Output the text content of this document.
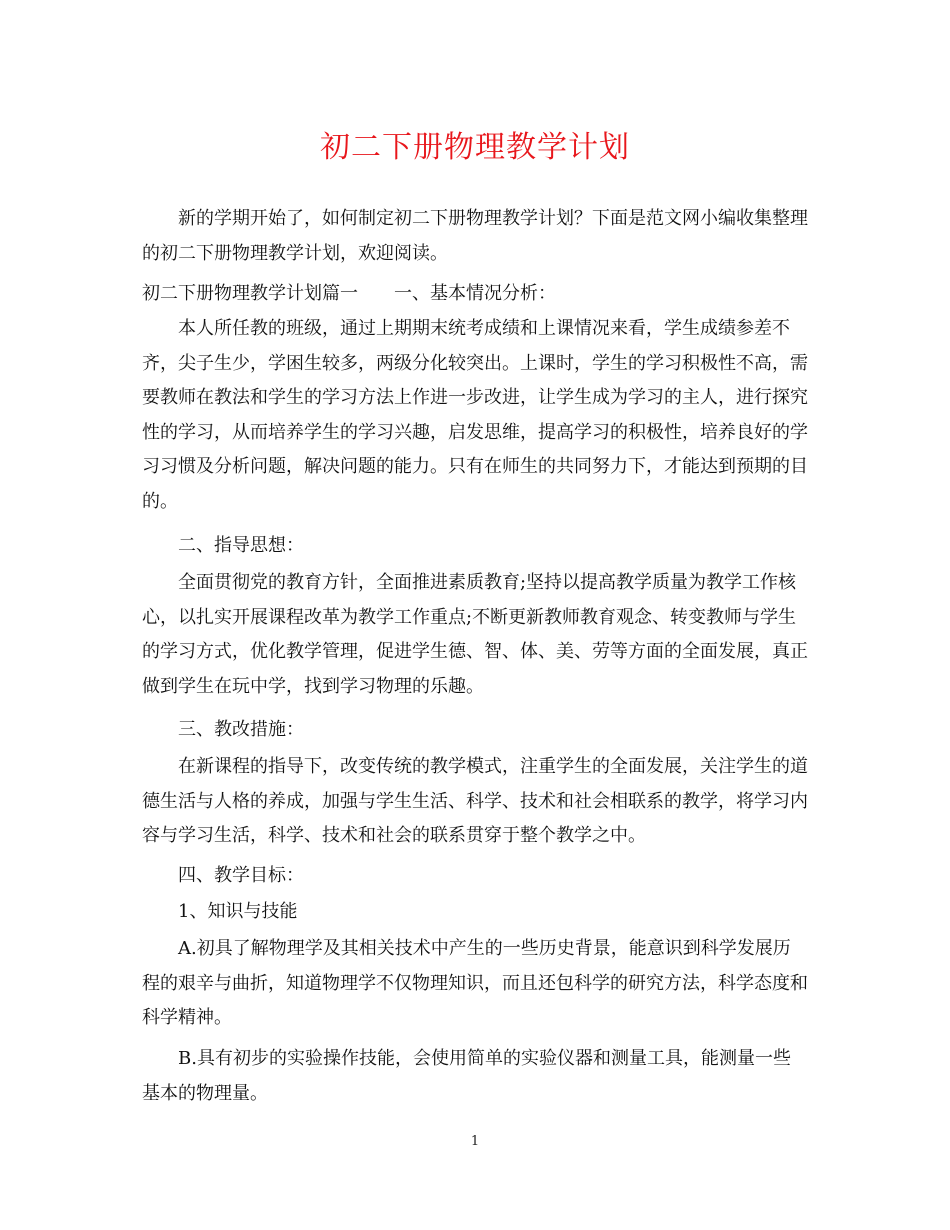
初二下册物理教学计划
新的学期开始了，如何制定初二下册物理教学计划？下面是范文网小编收集整理的初二下册物理教学计划，欢迎阅读。
初二下册物理教学计划篇一　　一、基本情况分析：
本人所任教的班级，通过上期期末统考成绩和上课情况来看，学生成绩参差不齐，尖子生少，学困生较多，两级分化较突出。上课时，学生的学习积极性不高，需要教师在教法和学生的学习方法上作进一步改进，让学生成为学习的主人，进行探究性的学习，从而培养学生的学习兴趣，启发思维，提高学习的积极性，培养良好的学习习惯及分析问题，解决问题的能力。只有在师生的共同努力下，才能达到预期的目的。
二、指导思想：
全面贯彻党的教育方针，全面推进素质教育;坚持以提高教学质量为教学工作核心，以扎实开展课程改革为教学工作重点;不断更新教师教育观念、转变教师与学生的学习方式，优化教学管理，促进学生德、智、体、美、劳等方面的全面发展，真正做到学生在玩中学，找到学习物理的乐趣。
三、教改措施：
在新课程的指导下，改变传统的教学模式，注重学生的全面发展，关注学生的道德生活与人格的养成，加强与学生生活、科学、技术和社会相联系的教学，将学习内容与学习生活，科学、技术和社会的联系贯穿于整个教学之中。
四、教学目标：
1、知识与技能
A.初具了解物理学及其相关技术中产生的一些历史背景，能意识到科学发展历程的艰辛与曲折，知道物理学不仅物理知识，而且还包科学的研究方法，科学态度和科学精神。
B.具有初步的实验操作技能，会使用简单的实验仪器和测量工具，能测量一些基本的物理量。
1
